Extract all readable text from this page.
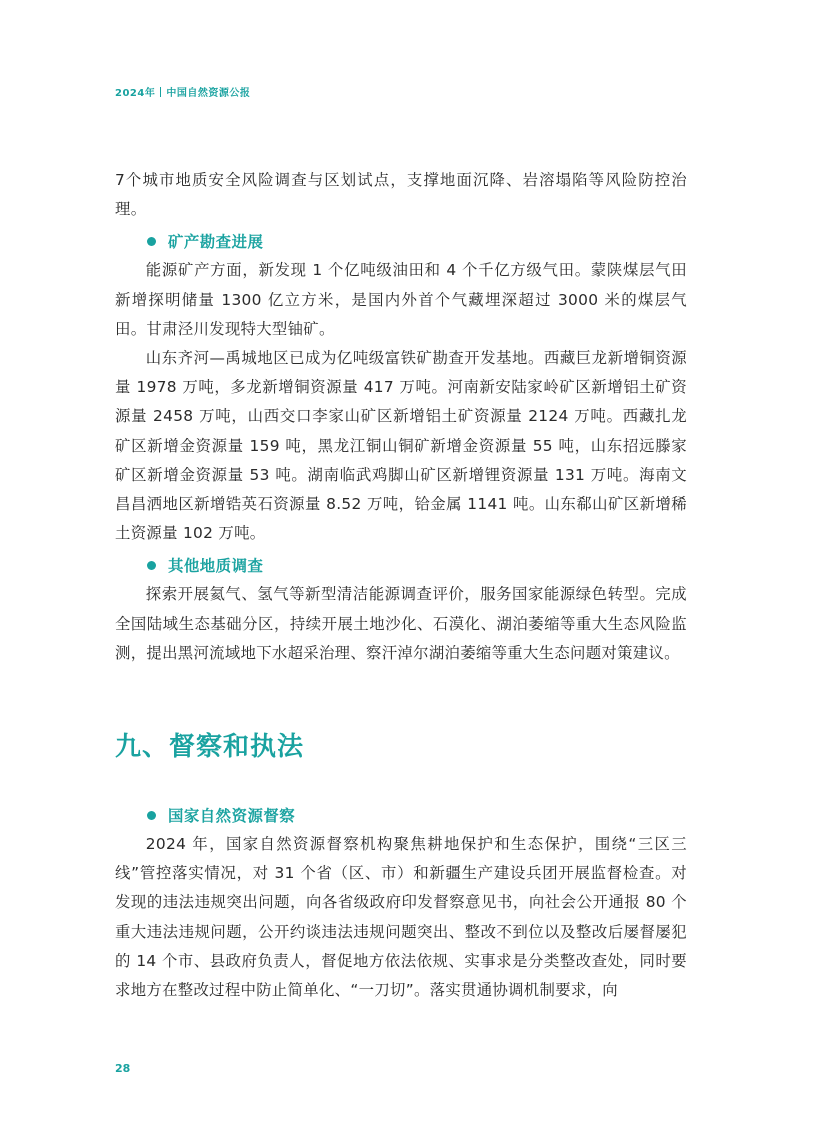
2024年 中国自然资源公报

7个城市地质安全风险调查与区划试点，支撑地面沉降、岩溶塌陷等风险防控治理。

矿产勘查进展

能源矿产方面，新发现 1 个亿吨级油田和 4 个千亿方级气田。蒙陕煤层气田新增探明储量 1300 亿立方米，是国内外首个气藏埋深超过 3000 米的煤层气田。甘肃泾川发现特大型铀矿。

山东齐河—禹城地区已成为亿吨级富铁矿勘查开发基地。西藏巨龙新增铜资源量 1978 万吨，多龙新增铜资源量 417 万吨。河南新安陆家岭矿区新增铝土矿资源量 2458 万吨，山西交口李家山矿区新增铝土矿资源量 2124 万吨。西藏扎龙矿区新增金资源量 159 吨，黑龙江铜山铜矿新增金资源量 55 吨，山东招远滕家矿区新增金资源量 53 吨。湖南临武鸡脚山矿区新增锂资源量 131 万吨。海南文昌昌洒地区新增锆英石资源量 8.52 万吨，铪金属 1141 吨。山东郗山矿区新增稀土资源量 102 万吨。

其他地质调查

探索开展氦气、氢气等新型清洁能源调查评价，服务国家能源绿色转型。完成全国陆域生态基础分区，持续开展土地沙化、石漠化、湖泊萎缩等重大生态风险监测，提出黑河流域地下水超采治理、察汗淖尔湖泊萎缩等重大生态问题对策建议。

九、督察和执法
国家自然资源督察

2024 年，国家自然资源督察机构聚焦耕地保护和生态保护，围绕“三区三线”管控落实情况，对 31 个省（区、市）和新疆生产建设兵团开展监督检查。对发现的违法违规突出问题，向各省级政府印发督察意见书，向社会公开通报 80 个重大违法违规问题，公开约谈违法违规问题突出、整改不到位以及整改后屡督屡犯的 14 个市、县政府负责人，督促地方依法依规、实事求是分类整改查处，同时要求地方在整改过程中防止简单化、“一刀切”。落实贯通协调机制要求，向

28
